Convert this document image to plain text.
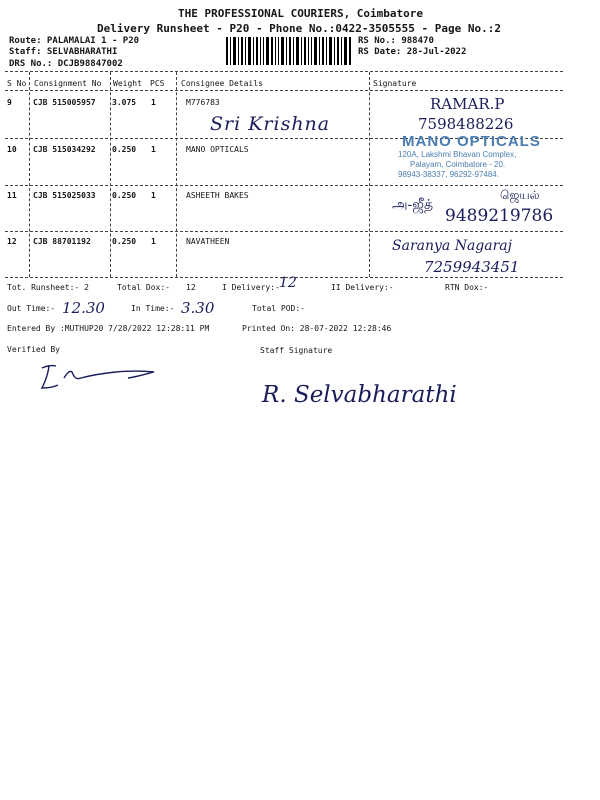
THE PROFESSIONAL COURIERS, Coimbatore
Delivery Runsheet - P20 - Phone No.:0422-3505555 - Page No.:2
Route: PALAMALAI 1 - P20
Staff: SELVABHARATHI
DRS No.: DCJB98847002
RS No.: 988470
RS Date: 28-Jul-2022
S No Consignment No Weight PCS Consignee Details	Signature
9	CJB 515005957 3.075 1	M776783
10 CJB 515034292 0.250 1	MANO OPTICALS
11 CJB 515025033 0.250 1	ASHEETH BAKES
12 CJB 88701192	0.250 1	NAVATHEEN
Sri Krishna
RAMAR.P
7598488226
MANO OPTICALS
120A, Lakshmi Bhavan Complex,
Palayam, Coimbatore - 20.
98943-38337, 96292-97484.
அ-ஜீத்
ஜெயல்
9489219786
Saranya Nagaraj
7259943451
Tot. Runsheet:- 2	Total Dox:- 12	I Delivery:- 12	II Delivery:-	RTN Dox:-
Out Time:- 12.30	In Time:- 3.30	Total POD:-
Entered By :MUTHUP20 7/28/2022 12:28:11 PM	Printed On: 28-07-2022 12:28:46
Verified By	Staff Signature
R. Selvabharathi
